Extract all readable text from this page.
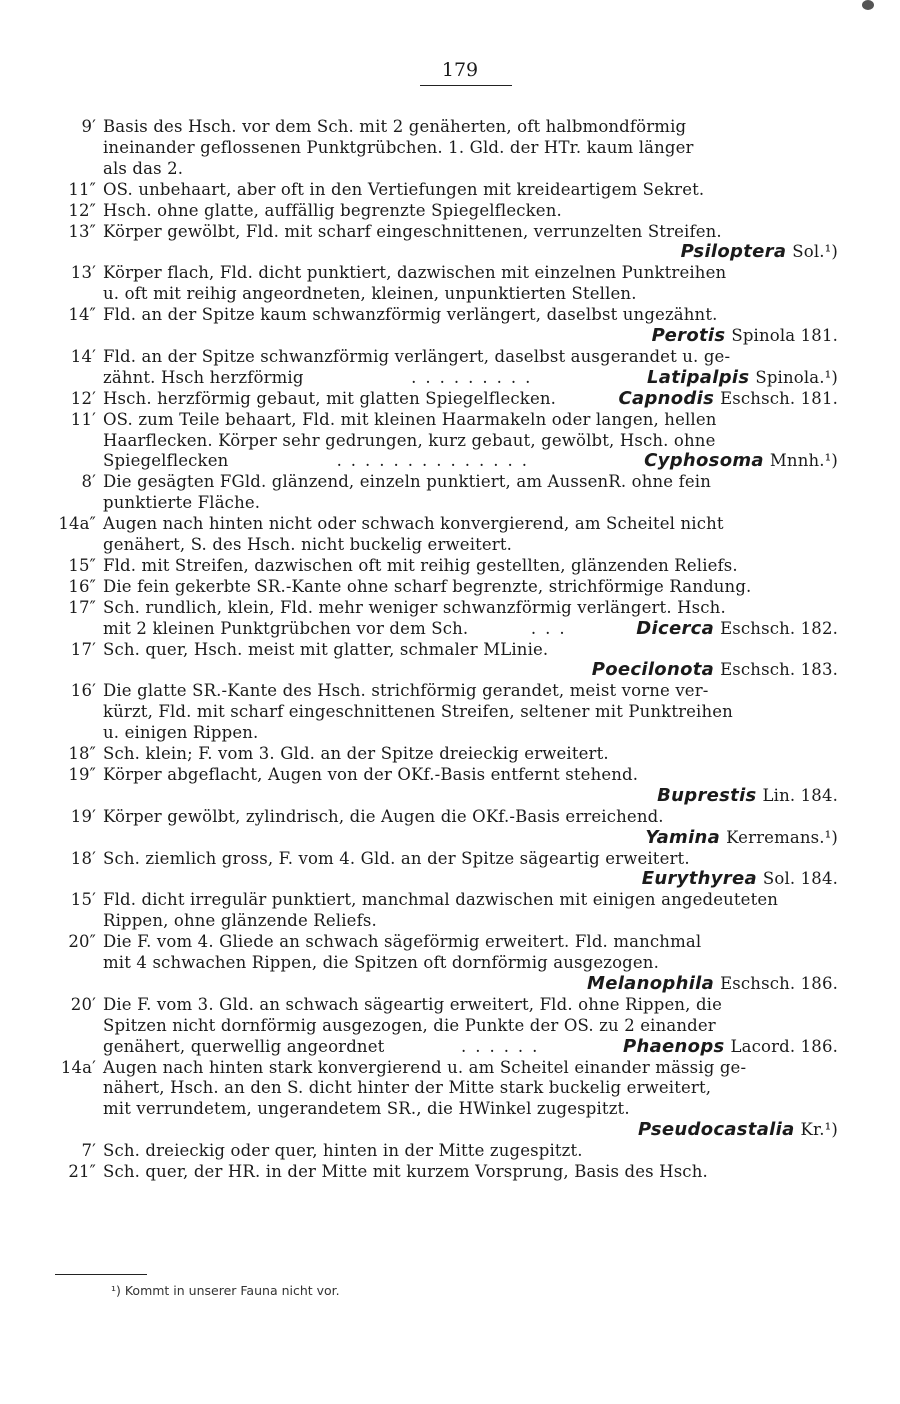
179
9′ Basis des Hsch. vor dem Sch. mit 2 genäherten, oft halbmondförmig
ineinander geflossenen Punktgrübchen. 1. Gld. der HTr. kaum länger
als das 2.
11″ OS. unbehaart, aber oft in den Vertiefungen mit kreideartigem Sekret.
12″ Hsch. ohne glatte, auffällig begrenzte Spiegelflecken.
13″ Körper gewölbt, Fld. mit scharf eingeschnittenen, verrunzelten Streifen.
Psiloptera Sol.¹)
13′ Körper flach, Fld. dicht punktiert, dazwischen mit einzelnen Punktreihen
u. oft mit reihig angeordneten, kleinen, unpunktierten Stellen.
14″ Fld. an der Spitze kaum schwanzförmig verlängert, daselbst ungezähnt.
Perotis Spinola 181.
14′ Fld. an der Spitze schwanzförmig verlängert, daselbst ausgerandet u. ge-
zähnt. Hsch herzförmig	.........	Latipalpis Spinola.¹)
12′ Hsch. herzförmig gebaut, mit glatten Spiegelflecken.	Capnodis Eschsch. 181.
11′ OS. zum Teile behaart, Fld. mit kleinen Haarmakeln oder langen, hellen
Haarflecken. Körper sehr gedrungen, kurz gebaut, gewölbt, Hsch. ohne
Spiegelflecken	..............	Cyphosoma Mnnh.¹)
8′ Die gesägten FGld. glänzend, einzeln punktiert, am AussenR. ohne fein
punktierte Fläche.
14a″ Augen nach hinten nicht oder schwach konvergierend, am Scheitel nicht
genähert, S. des Hsch. nicht buckelig erweitert.
15″ Fld. mit Streifen, dazwischen oft mit reihig gestellten, glänzenden Reliefs.
16″ Die fein gekerbte SR.-Kante ohne scharf begrenzte, strichförmige Randung.
17″ Sch. rundlich, klein, Fld. mehr weniger schwanzförmig verlängert. Hsch.
mit 2 kleinen Punktgrübchen vor dem Sch.	...	Dicerca Eschsch. 182.
17′ Sch. quer, Hsch. meist mit glatter, schmaler MLinie.
Poecilonota Eschsch. 183.
16′ Die glatte SR.-Kante des Hsch. strichförmig gerandet, meist vorne ver-
kürzt, Fld. mit scharf eingeschnittenen Streifen, seltener mit Punktreihen
u. einigen Rippen.
18″ Sch. klein; F. vom 3. Gld. an der Spitze dreieckig erweitert.
19″ Körper abgeflacht, Augen von der OKf.-Basis entfernt stehend.
Buprestis Lin. 184.
19′ Körper gewölbt, zylindrisch, die Augen die OKf.-Basis erreichend.
Yamina Kerremans.¹)
18′ Sch. ziemlich gross, F. vom 4. Gld. an der Spitze sägeartig erweitert.
Eurythyrea Sol. 184.
15′ Fld. dicht irregulär punktiert, manchmal dazwischen mit einigen angedeuteten
Rippen, ohne glänzende Reliefs.
20″ Die F. vom 4. Gliede an schwach sägeförmig erweitert. Fld. manchmal
mit 4 schwachen Rippen, die Spitzen oft dornförmig ausgezogen.
Melanophila Eschsch. 186.
20′ Die F. vom 3. Gld. an schwach sägeartig erweitert, Fld. ohne Rippen, die
Spitzen nicht dornförmig ausgezogen, die Punkte der OS. zu 2 einander
genähert, querwellig angeordnet	......	Phaenops Lacord. 186.
14a′ Augen nach hinten stark konvergierend u. am Scheitel einander mässig ge-
nähert, Hsch. an den S. dicht hinter der Mitte stark buckelig erweitert,
mit verrundetem, ungerandetem SR., die HWinkel zugespitzt.
Pseudocastalia Kr.¹)
7′ Sch. dreieckig oder quer, hinten in der Mitte zugespitzt.
21″ Sch. quer, der HR. in der Mitte mit kurzem Vorsprung, Basis des Hsch.
¹) Kommt in unserer Fauna nicht vor.
